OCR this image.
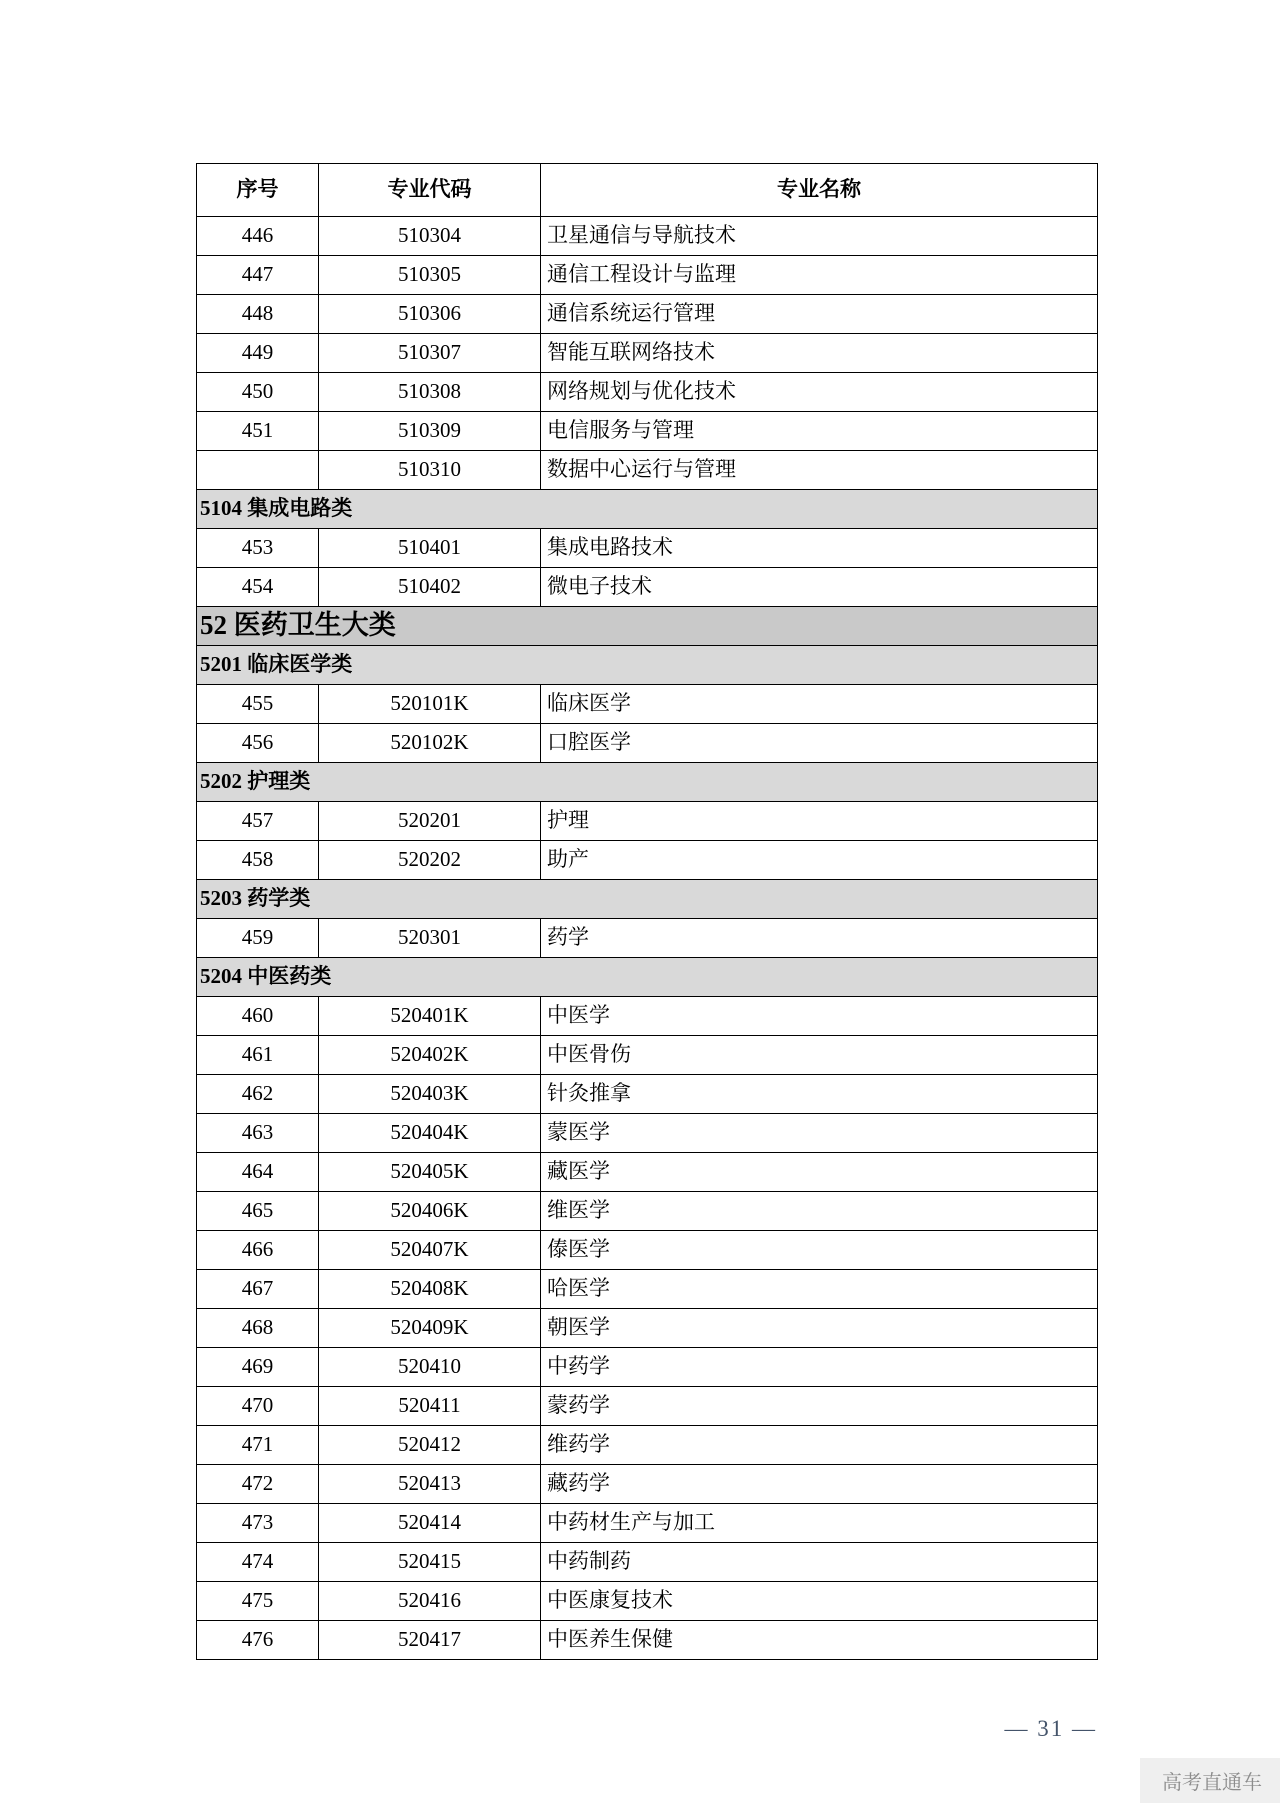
序号	专业代码	专业名称
446	510304	卫星通信与导航技术
447	510305	通信工程设计与监理
448	510306	通信系统运行管理
449	510307	智能互联网络技术
450	510308	网络规划与优化技术
451	510309	电信服务与管理
	510310	数据中心运行与管理
5104 集成电路类		
453	510401	集成电路技术
454	510402	微电子技术
52 医药卫生大类		
5201 临床医学类		
455	520101K	临床医学
456	520102K	口腔医学
5202 护理类		
457	520201	护理
458	520202	助产
5203 药学类		
459	520301	药学
5204 中医药类		
460	520401K	中医学
461	520402K	中医骨伤
462	520403K	针灸推拿
463	520404K	蒙医学
464	520405K	藏医学
465	520406K	维医学
466	520407K	傣医学
467	520408K	哈医学
468	520409K	朝医学
469	520410	中药学
470	520411	蒙药学
471	520412	维药学
472	520413	藏药学
473	520414	中药材生产与加工
474	520415	中药制药
475	520416	中医康复技术
476	520417	中医养生保健
— 31 —
高考直通车
